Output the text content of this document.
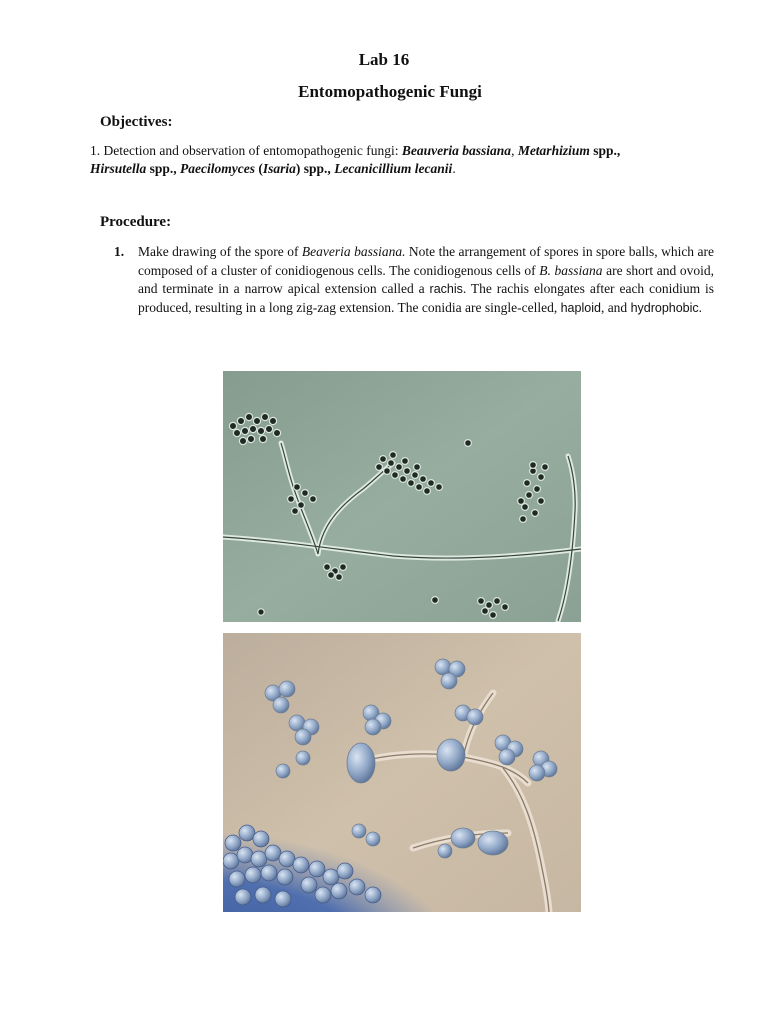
Lab 16
Entomopathogenic Fungi
Objectives:

1. Detection and observation of entomopathogenic fungi: Beauveria bassiana, Metarhizium spp.,
Hirsutella spp., Paecilomyces (Isaria) spp., Lecanicillium lecanii.

Procedure:
1. Make drawing of the spore of Beaveria bassiana. Note the arrangement of spores in spore balls, which are composed of a cluster of conidiogenous cells. The conidiogenous cells of B. bassiana are short and ovoid, and terminate in a narrow apical extension called a rachis. The rachis elongates after each conidium is produced, resulting in a long zig-zag extension. The conidia are single-celled, haploid, and hydrophobic.
